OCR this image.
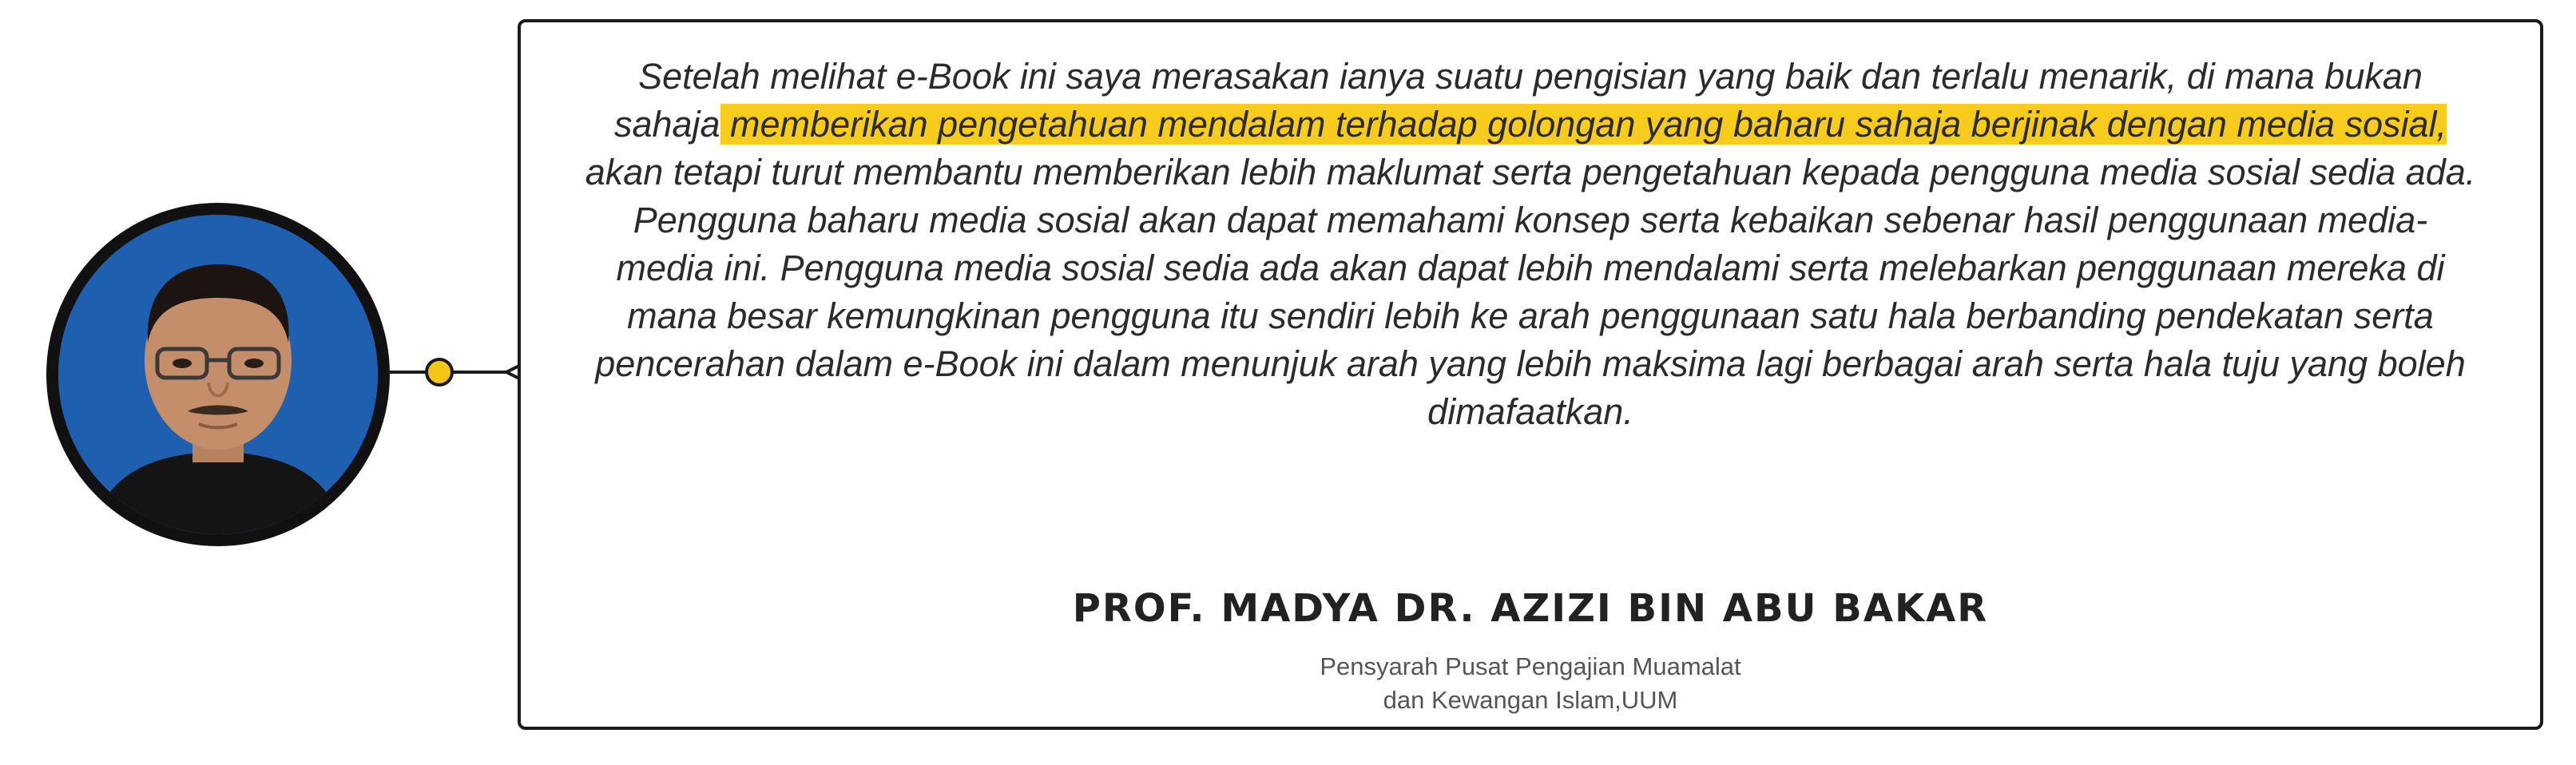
Setelah melihat e-Book ini saya merasakan ianya suatu pengisian yang baik dan terlalu menarik, di mana bukan sahaja memberikan pengetahuan mendalam terhadap golongan yang baharu sahaja berjinak dengan media sosial, akan tetapi turut membantu memberikan lebih maklumat serta pengetahuan kepada pengguna media sosial sedia ada. Pengguna baharu media sosial akan dapat memahami konsep serta kebaikan sebenar hasil penggunaan media-media ini. Pengguna media sosial sedia ada akan dapat lebih mendalami serta melebarkan penggunaan mereka di mana besar kemungkinan pengguna itu sendiri lebih ke arah penggunaan satu hala berbanding pendekatan serta pencerahan dalam e-Book ini dalam menunjuk arah yang lebih maksima lagi berbagai arah serta hala tuju yang boleh dimafaatkan.
PROF. MADYA DR. AZIZI BIN ABU BAKAR
Pensyarah Pusat Pengajian Muamalat
dan Kewangan Islam,UUM
